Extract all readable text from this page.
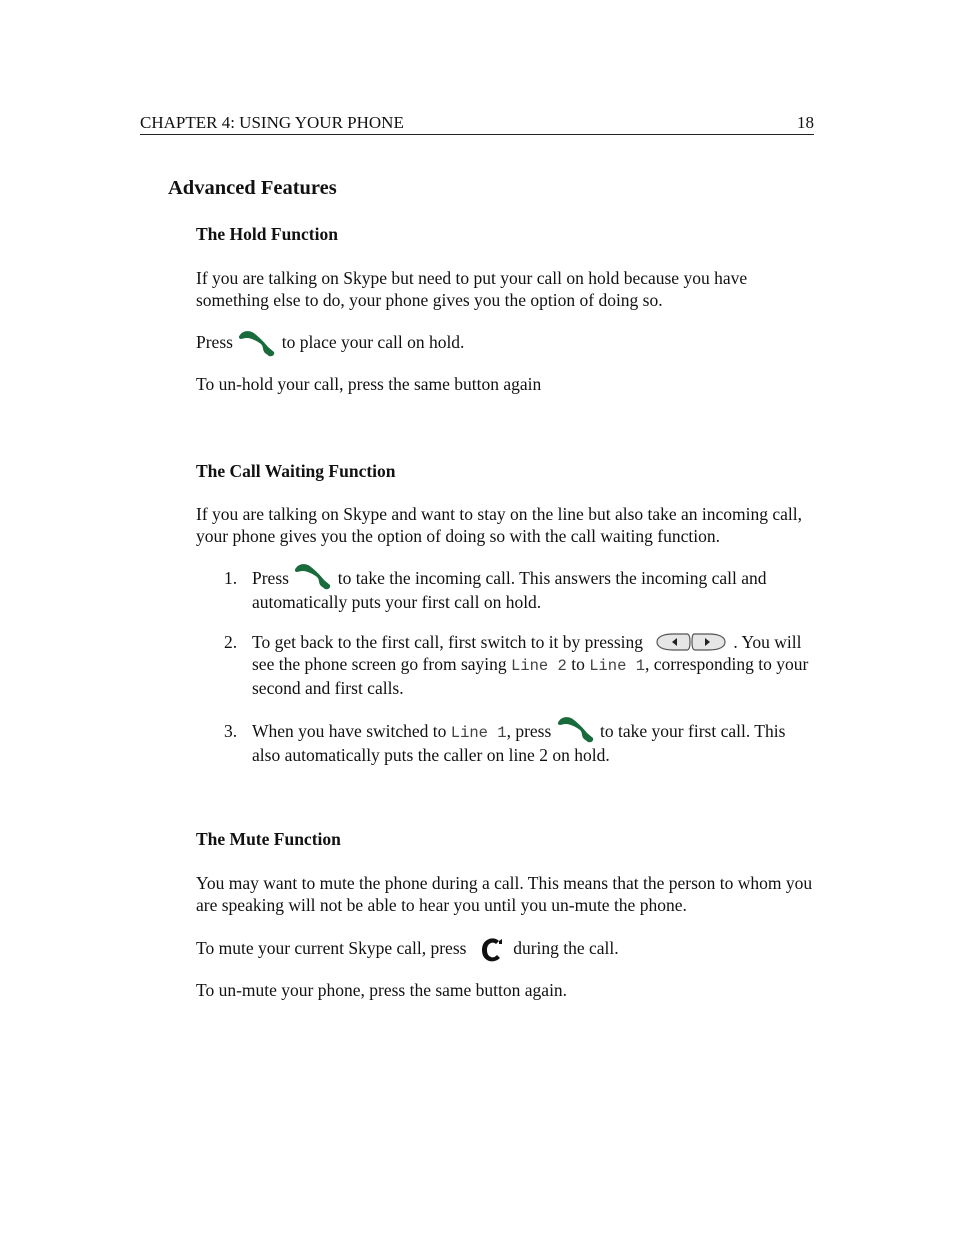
CHAPTER 4: USING YOUR PHONE	18
Advanced Features
The Hold Function
If you are talking on Skype but need to put your call on hold because you have something else to do, your phone gives you the option of doing so.
Press	to place your call on hold.
To un-hold your call, press the same button again
The Call Waiting Function
If you are talking on Skype and want to stay on the line but also take an incoming call, your phone gives you the option of doing so with the call waiting function.
1. Press	to take the incoming call. This answers the incoming call and automatically puts your first call on hold.
2. To get back to the first call, first switch to it by pressing	. You will see the phone screen go from saying Line 2 to Line 1, corresponding to your second and first calls.
3. When you have switched to Line 1, press	to take your first call. This also automatically puts the caller on line 2 on hold.
The Mute Function
You may want to mute the phone during a call. This means that the person to whom you are speaking will not be able to hear you until you un-mute the phone.
To mute your current Skype call, press	during the call.
To un-mute your phone, press the same button again.
